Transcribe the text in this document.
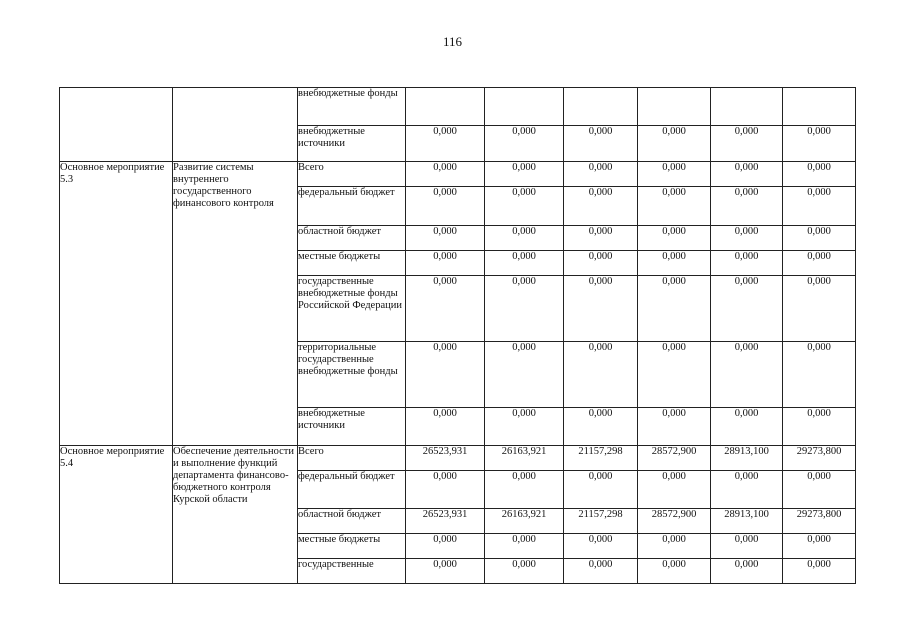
116
		внебюджетные фонды						
		внебюджетные источники	0,000	0,000	0,000	0,000	0,000	0,000
Основное мероприятие 5.3	Развитие системы внутреннего государственного финансового контроля	Всего	0,000	0,000	0,000	0,000	0,000	0,000
		федеральный бюджет	0,000	0,000	0,000	0,000	0,000	0,000
		областной бюджет	0,000	0,000	0,000	0,000	0,000	0,000
		местные бюджеты	0,000	0,000	0,000	0,000	0,000	0,000
		государственные внебюджетные фонды Российской Федерации	0,000	0,000	0,000	0,000	0,000	0,000
		территориальные государственные внебюджетные фонды	0,000	0,000	0,000	0,000	0,000	0,000
		внебюджетные источники	0,000	0,000	0,000	0,000	0,000	0,000
Основное мероприятие 5.4	Обеспечение деятельности и выполнение функций департамента финансово-бюджетного контроля Курской области	Всего	26523,931	26163,921	21157,298	28572,900	28913,100	29273,800
		федеральный бюджет	0,000	0,000	0,000	0,000	0,000	0,000
		областной бюджет	26523,931	26163,921	21157,298	28572,900	28913,100	29273,800
		местные бюджеты	0,000	0,000	0,000	0,000	0,000	0,000
		государственные	0,000	0,000	0,000	0,000	0,000	0,000
